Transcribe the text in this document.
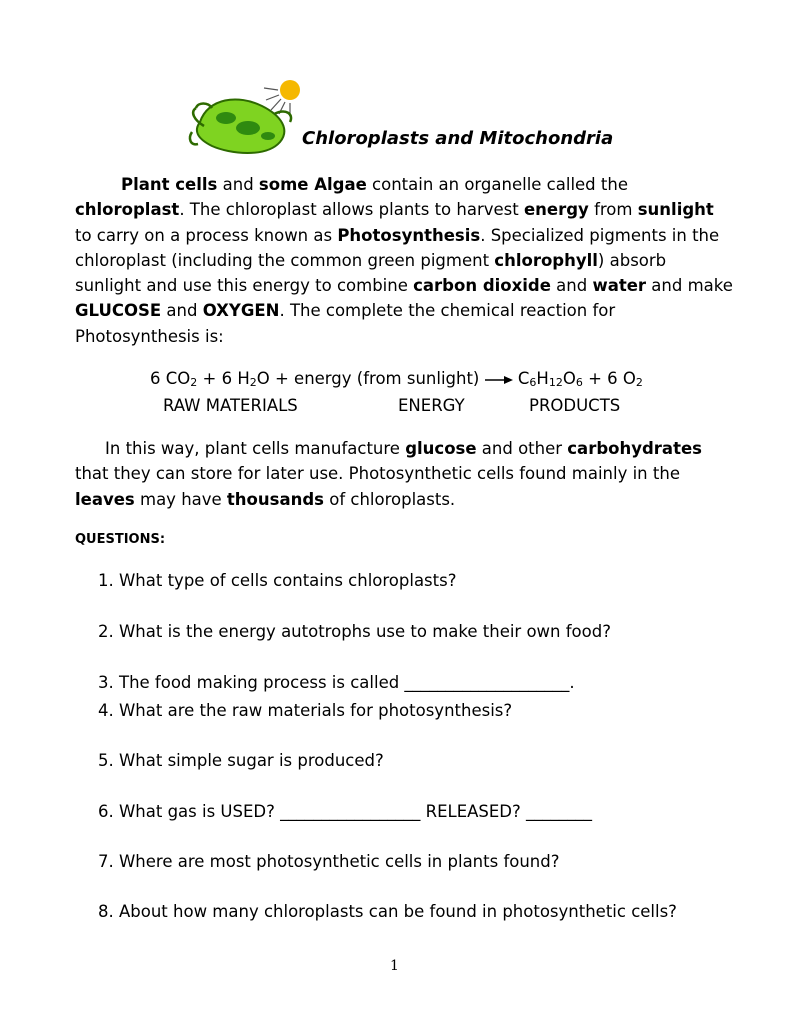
Chloroplasts and Mitochondria
Plant cells and some Algae contain an organelle called the
chloroplast. The chloroplast allows plants to harvest energy from sunlight
to carry on a process known as Photosynthesis. Specialized pigments in the
chloroplast (including the common green pigment chlorophyll) absorb
sunlight and use this energy to combine carbon dioxide and water and make
GLUCOSE and OXYGEN. The complete the chemical reaction for
Photosynthesis is:
6 $CO_2 + 6$ $H_2O$ + energy (from sunlight)  $C_6H_{12}O_6 + 6$ $O_2$
RAW MATERIALS	ENERGY	PRODUCTS
In this way, plant cells manufacture glucose and other carbohydrates
that they can store for later use. Photosynthetic cells found mainly in the
leaves may have thousands of chloroplasts.
QUESTIONS:
1. What type of cells contains chloroplasts?
2. What is the energy autotrophs use to make their own food?
3. The food making process is called ____________________.
4. What are the raw materials for photosynthesis?
5. What simple sugar is produced?
6. What gas is USED? _________________ RELEASED? ________
7. Where are most photosynthetic cells in plants found?
8. About how many chloroplasts can be found in photosynthetic cells?
1
